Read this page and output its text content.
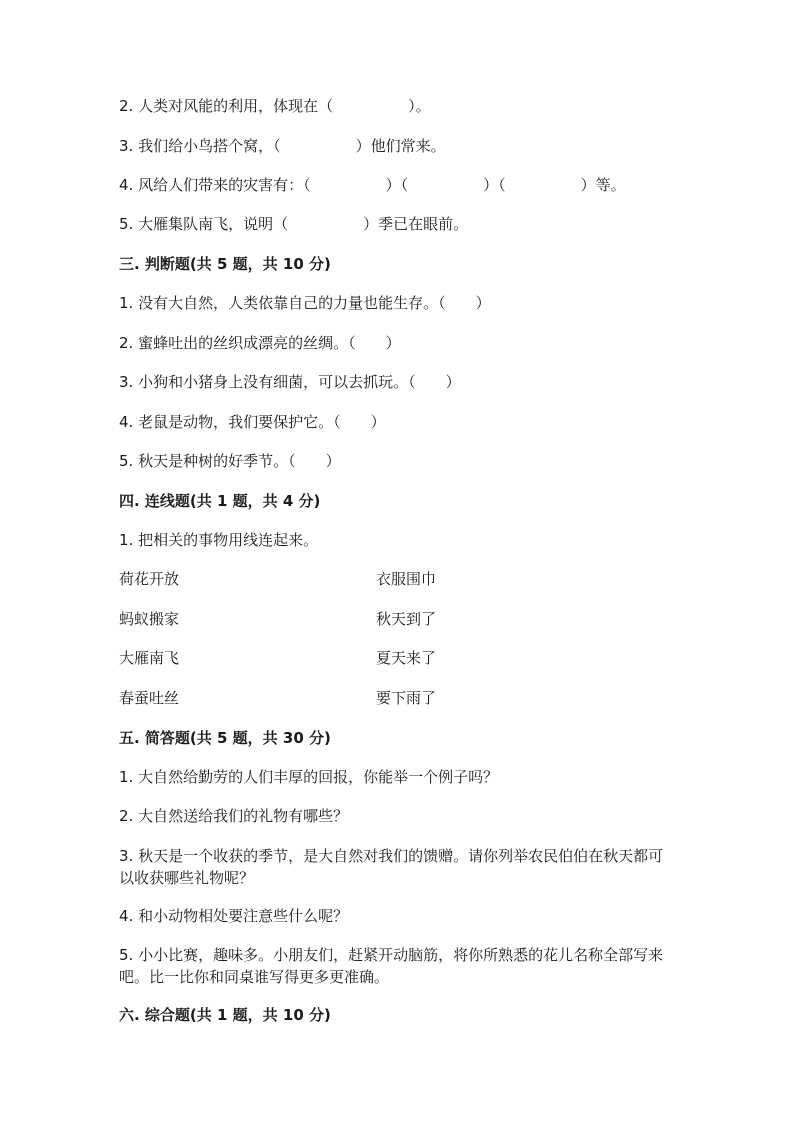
2. 人类对风能的利用，体现在（　　　　　）。
3. 我们给小鸟搭个窝，（　　　　　）他们常来。
4. 风给人们带来的灾害有：（　　　　　）（　　　　　）（　　　　　）等。
5. 大雁集队南飞，说明（　　　　　）季已在眼前。
三. 判断题(共 5 题，共 10 分)
1. 没有大自然，人类依靠自己的力量也能生存。（　　）
2. 蜜蜂吐出的丝织成漂亮的丝绸。（　　）
3. 小狗和小猪身上没有细菌，可以去抓玩。（　　）
4. 老鼠是动物，我们要保护它。（　　）
5. 秋天是种树的好季节。（　　）
四. 连线题(共 1 题，共 4 分)
1. 把相关的事物用线连起来。
荷花开放	衣服围巾
蚂蚁搬家	秋天到了
大雁南飞	夏天来了
春蚕吐丝	要下雨了
五. 简答题(共 5 题，共 30 分)
1. 大自然给勤劳的人们丰厚的回报，你能举一个例子吗？
2. 大自然送给我们的礼物有哪些？
3. 秋天是一个收获的季节，是大自然对我们的馈赠。请你列举农民伯伯在秋天都可以收获哪些礼物呢？
4. 和小动物相处要注意些什么呢？
5. 小小比赛，趣味多。小朋友们，赶紧开动脑筋，将你所熟悉的花儿名称全部写来吧。比一比你和同桌谁写得更多更准确。
六. 综合题(共 1 题，共 10 分)
